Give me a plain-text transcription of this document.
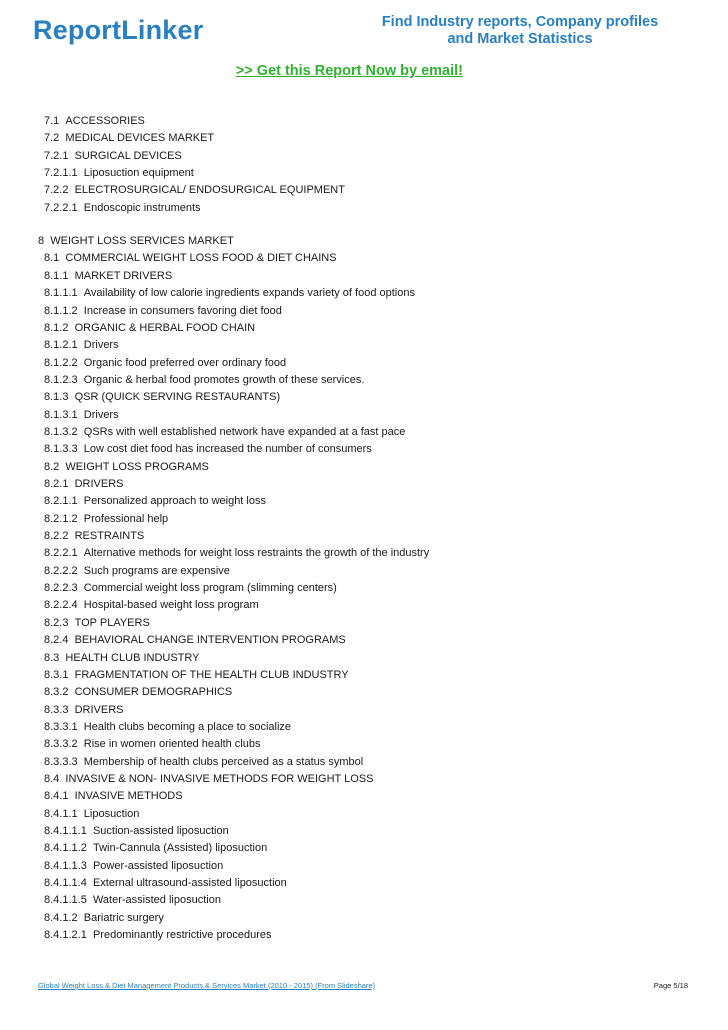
ReportLinker	Find Industry reports, Company profiles
and Market Statistics
>> Get this Report Now by email!
7.1 ACCESSORIES
7.2 MEDICAL DEVICES MARKET
7.2.1 SURGICAL DEVICES
7.2.1.1 Liposuction equipment
7.2.2 ELECTROSURGICAL/ ENDOSURGICAL EQUIPMENT
7.2.2.1 Endoscopic instruments
8 WEIGHT LOSS SERVICES MARKET
8.1 COMMERCIAL WEIGHT LOSS FOOD & DIET CHAINS
8.1.1 MARKET DRIVERS
8.1.1.1 Availability of low calorie ingredients expands variety of food options
8.1.1.2 Increase in consumers favoring diet food
8.1.2 ORGANIC & HERBAL FOOD CHAIN
8.1.2.1 Drivers
8.1.2.2 Organic food preferred over ordinary food
8.1.2.3 Organic & herbal food promotes growth of these services.
8.1.3 QSR (QUICK SERVING RESTAURANTS)
8.1.3.1 Drivers
8.1.3.2 QSRs with well established network have expanded at a fast pace
8.1.3.3 Low cost diet food has increased the number of consumers
8.2 WEIGHT LOSS PROGRAMS
8.2.1 DRIVERS
8.2.1.1 Personalized approach to weight loss
8.2.1.2 Professional help
8.2.2 RESTRAINTS
8.2.2.1 Alternative methods for weight loss restraints the growth of the industry
8.2.2.2 Such programs are expensive
8.2.2.3 Commercial weight loss program (slimming centers)
8.2.2.4 Hospital-based weight loss program
8.2.3 TOP PLAYERS
8.2.4 BEHAVIORAL CHANGE INTERVENTION PROGRAMS
8.3 HEALTH CLUB INDUSTRY
8.3.1 FRAGMENTATION OF THE HEALTH CLUB INDUSTRY
8.3.2 CONSUMER DEMOGRAPHICS
8.3.3 DRIVERS
8.3.3.1 Health clubs becoming a place to socialize
8.3.3.2 Rise in women oriented health clubs
8.3.3.3 Membership of health clubs perceived as a status symbol
8.4 INVASIVE & NON- INVASIVE METHODS FOR WEIGHT LOSS
8.4.1 INVASIVE METHODS
8.4.1.1 Liposuction
8.4.1.1.1 Suction-assisted liposuction
8.4.1.1.2 Twin-Cannula (Assisted) liposuction
8.4.1.1.3 Power-assisted liposuction
8.4.1.1.4 External ultrasound-assisted liposuction
8.4.1.1.5 Water-assisted liposuction
8.4.1.2 Bariatric surgery
8.4.1.2.1 Predominantly restrictive procedures
Global Weight Loss & Diet Management Products & Services Market (2010 - 2015) (From Slideshare)	Page 5/18
